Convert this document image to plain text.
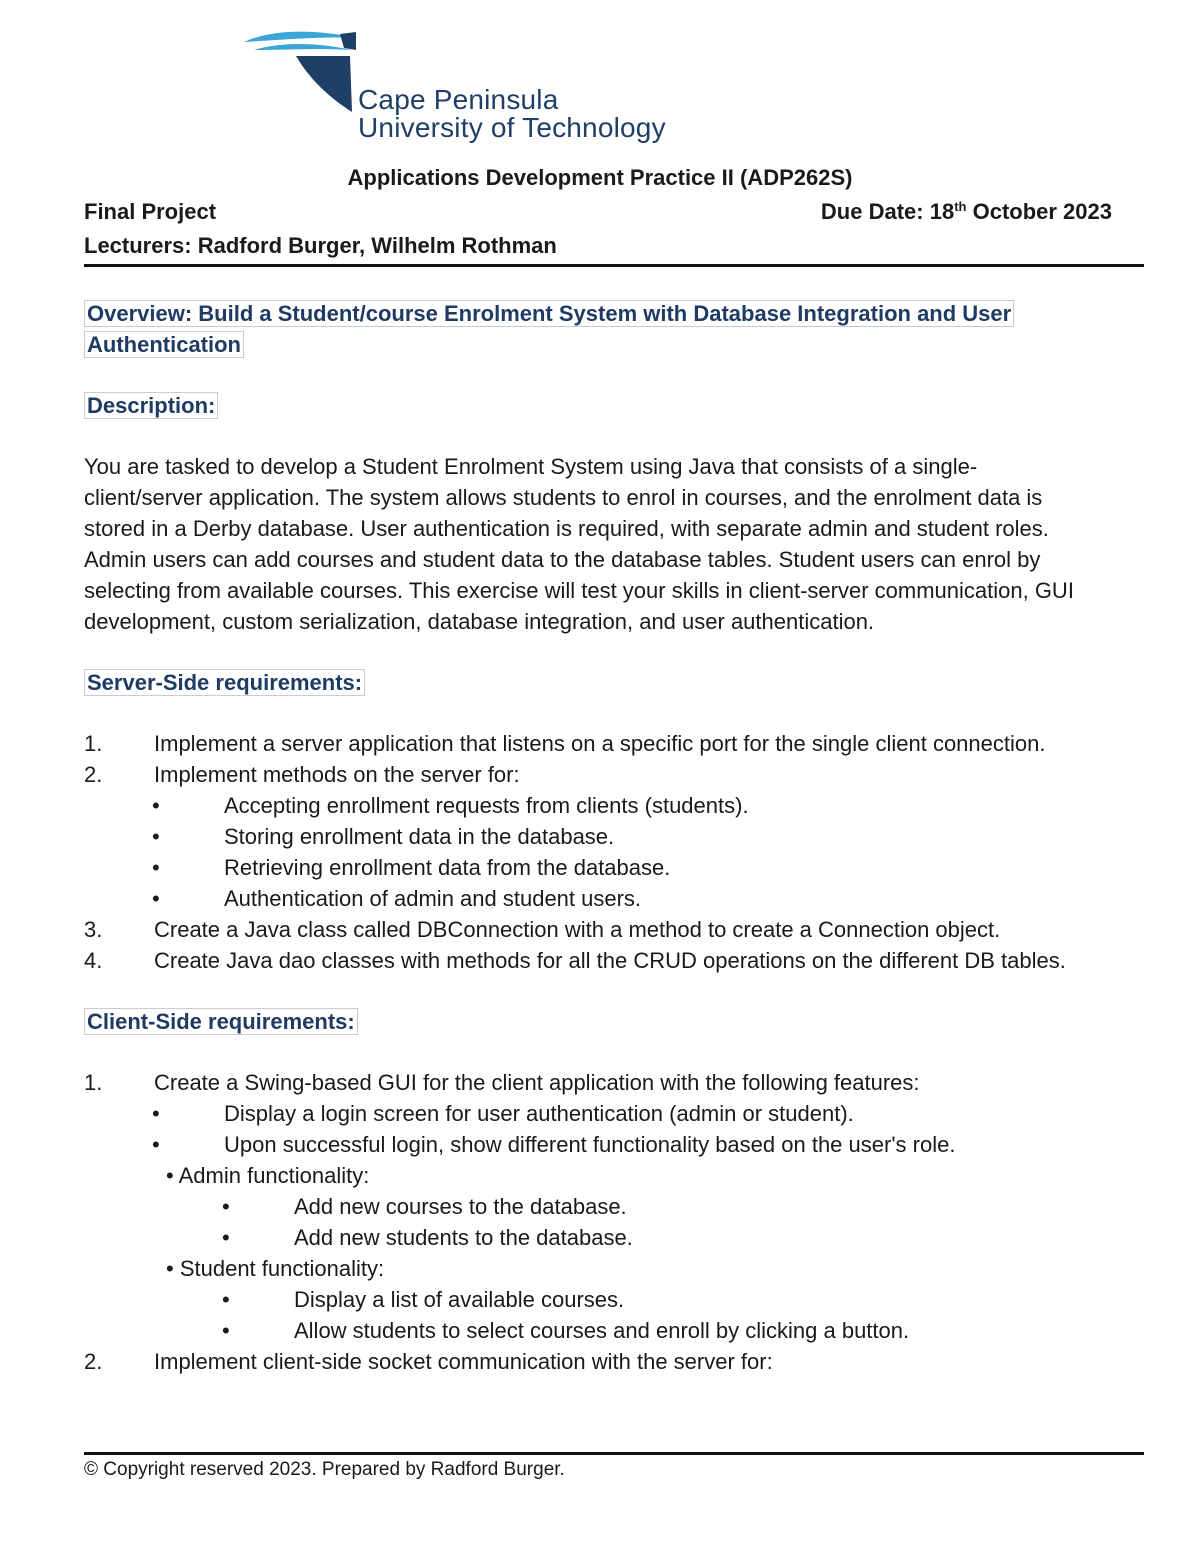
Cape Peninsula
University of Technology
Applications Development Practice II (ADP262S)
Final Project	Due Date: 18th October 2023
Lecturers: Radford Burger, Wilhelm Rothman

Overview: Build a Student/course Enrolment System with Database Integration and User
Authentication

Description:

You are tasked to develop a Student Enrolment System using Java that consists of a single-
client/server application. The system allows students to enrol in courses, and the enrolment data is
stored in a Derby database. User authentication is required, with separate admin and student roles.
Admin users can add courses and student data to the database tables. Student users can enrol by
selecting from available courses. This exercise will test your skills in client-server communication, GUI
development, custom serialization, database integration, and user authentication.

Server-Side requirements:

1. Implement a server application that listens on a specific port for the single client connection.

2. Implement methods on the server for:

•	Accepting enrollment requests from clients (students).

•	Storing enrollment data in the database.

•	Retrieving enrollment data from the database.

•	Authentication of admin and student users.

3. Create a Java class called DBConnection with a method to create a Connection object.

4. Create Java dao classes with methods for all the CRUD operations on the different DB tables.

Client-Side requirements:

1. Create a Swing-based GUI for the client application with the following features:

•	Display a login screen for user authentication (admin or student).

•	Upon successful login, show different functionality based on the user's role.

• Admin functionality:

•	Add new courses to the database.

•	Add new students to the database.

• Student functionality:

•	Display a list of available courses.

•	Allow students to select courses and enroll by clicking a button.

2. Implement client-side socket communication with the server for:

© Copyright reserved 2023. Prepared by Radford Burger.
